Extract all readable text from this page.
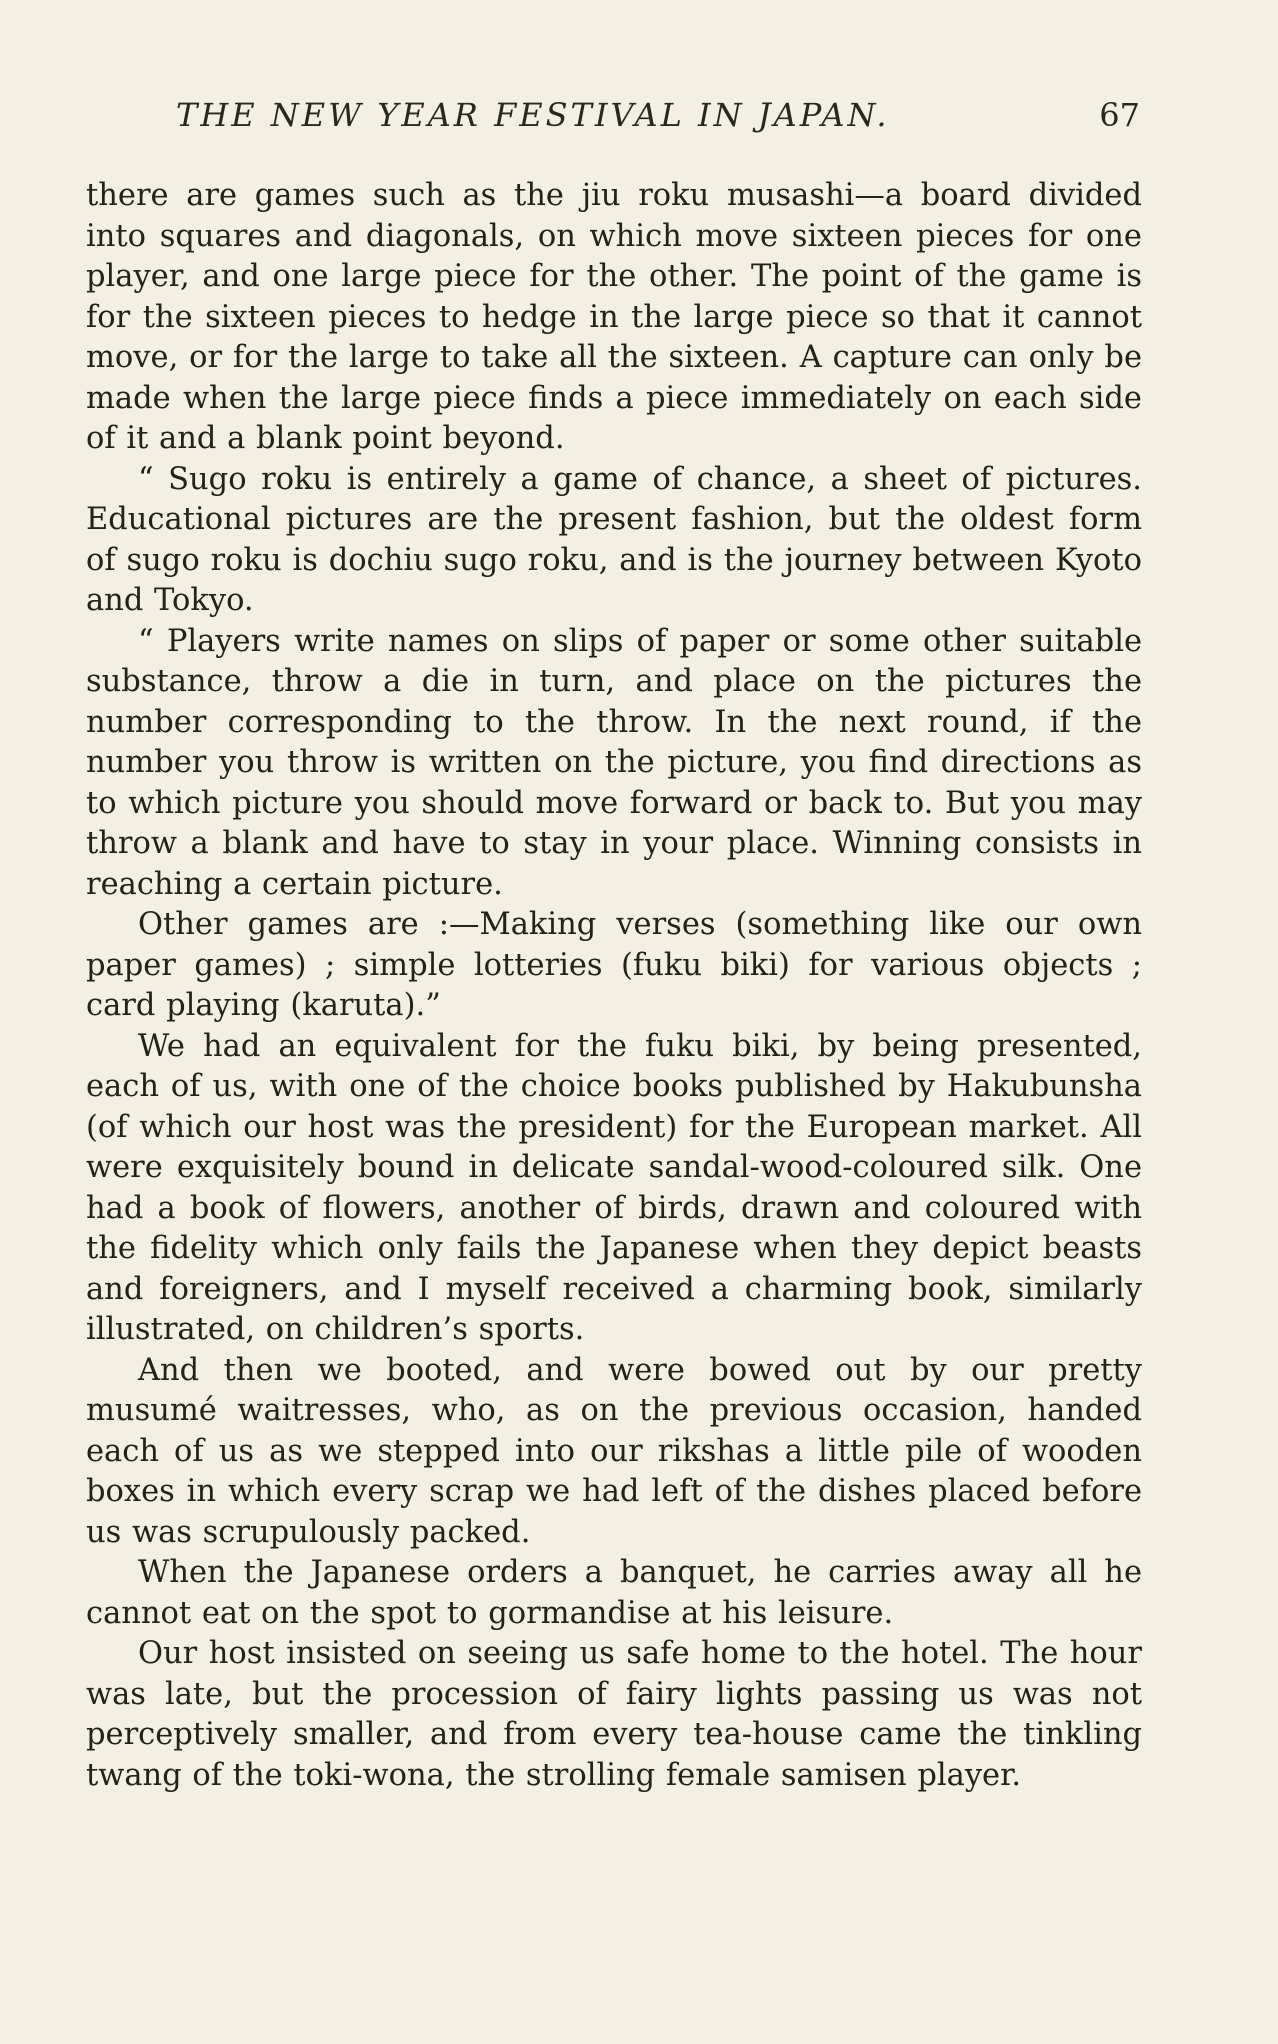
THE NEW YEAR FESTIVAL IN JAPAN.	67

there are games such as the jiu roku musashi—a board divided into squares and diagonals, on which move sixteen pieces for one player, and one large piece for the other. The point of the game is for the sixteen pieces to hedge in the large piece so that it cannot move, or for the large to take all the sixteen. A capture can only be made when the large piece finds a piece immediately on each side of it and a blank point beyond.

“ Sugo roku is entirely a game of chance, a sheet of pictures. Educational pictures are the present fashion, but the oldest form of sugo roku is dochiu sugo roku, and is the journey between Kyoto and Tokyo.

“ Players write names on slips of paper or some other suitable substance, throw a die in turn, and place on the pictures the number corresponding to the throw. In the next round, if the number you throw is written on the picture, you find directions as to which picture you should move forward or back to. But you may throw a blank and have to stay in your place. Winning consists in reaching a certain picture.

Other games are :—Making verses (something like our own paper games) ; simple lotteries (fuku biki) for various objects ; card playing (karuta).”

We had an equivalent for the fuku biki, by being presented, each of us, with one of the choice books published by Hakubunsha (of which our host was the president) for the European market. All were exquisitely bound in delicate sandal-wood-coloured silk. One had a book of flowers, another of birds, drawn and coloured with the fidelity which only fails the Japanese when they depict beasts and foreigners, and I myself received a charming book, similarly illustrated, on children’s sports.

And then we booted, and were bowed out by our pretty musumé waitresses, who, as on the previous occasion, handed each of us as we stepped into our rikshas a little pile of wooden boxes in which every scrap we had left of the dishes placed before us was scrupulously packed.

When the Japanese orders a banquet, he carries away all he cannot eat on the spot to gormandise at his leisure.

Our host insisted on seeing us safe home to the hotel. The hour was late, but the procession of fairy lights passing us was not perceptively smaller, and from every tea-house came the tinkling twang of the toki-wona, the strolling female samisen player.
